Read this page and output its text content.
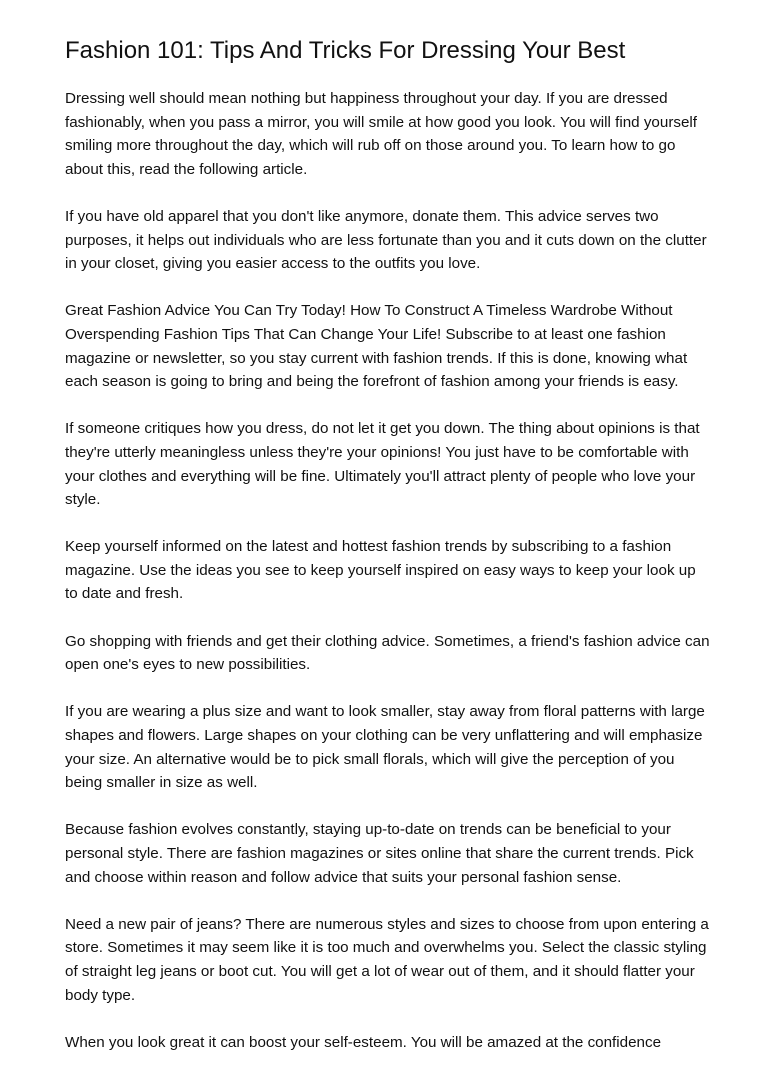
Fashion 101: Tips And Tricks For Dressing Your Best

Dressing well should mean nothing but happiness throughout your day. If you are dressed fashionably, when you pass a mirror, you will smile at how good you look. You will find yourself smiling more throughout the day, which will rub off on those around you. To learn how to go about this, read the following article.

If you have old apparel that you don't like anymore, donate them. This advice serves two purposes, it helps out individuals who are less fortunate than you and it cuts down on the clutter in your closet, giving you easier access to the outfits you love.

Great Fashion Advice You Can Try Today! How To Construct A Timeless Wardrobe Without Overspending Fashion Tips That Can Change Your Life! Subscribe to at least one fashion magazine or newsletter, so you stay current with fashion trends. If this is done, knowing what each season is going to bring and being the forefront of fashion among your friends is easy.

If someone critiques how you dress, do not let it get you down. The thing about opinions is that they're utterly meaningless unless they're your opinions! You just have to be comfortable with your clothes and everything will be fine. Ultimately you'll attract plenty of people who love your style.

Keep yourself informed on the latest and hottest fashion trends by subscribing to a fashion magazine. Use the ideas you see to keep yourself inspired on easy ways to keep your look up to date and fresh.

Go shopping with friends and get their clothing advice. Sometimes, a friend's fashion advice can open one's eyes to new possibilities.

If you are wearing a plus size and want to look smaller, stay away from floral patterns with large shapes and flowers. Large shapes on your clothing can be very unflattering and will emphasize your size. An alternative would be to pick small florals, which will give the perception of you being smaller in size as well.

Because fashion evolves constantly, staying up-to-date on trends can be beneficial to your personal style. There are fashion magazines or sites online that share the current trends. Pick and choose within reason and follow advice that suits your personal fashion sense.

Need a new pair of jeans? There are numerous styles and sizes to choose from upon entering a store. Sometimes it may seem like it is too much and overwhelms you. Select the classic styling of straight leg jeans or boot cut. You will get a lot of wear out of them, and it should flatter your body type.

When you look great it can boost your self-esteem. You will be amazed at the confidence
